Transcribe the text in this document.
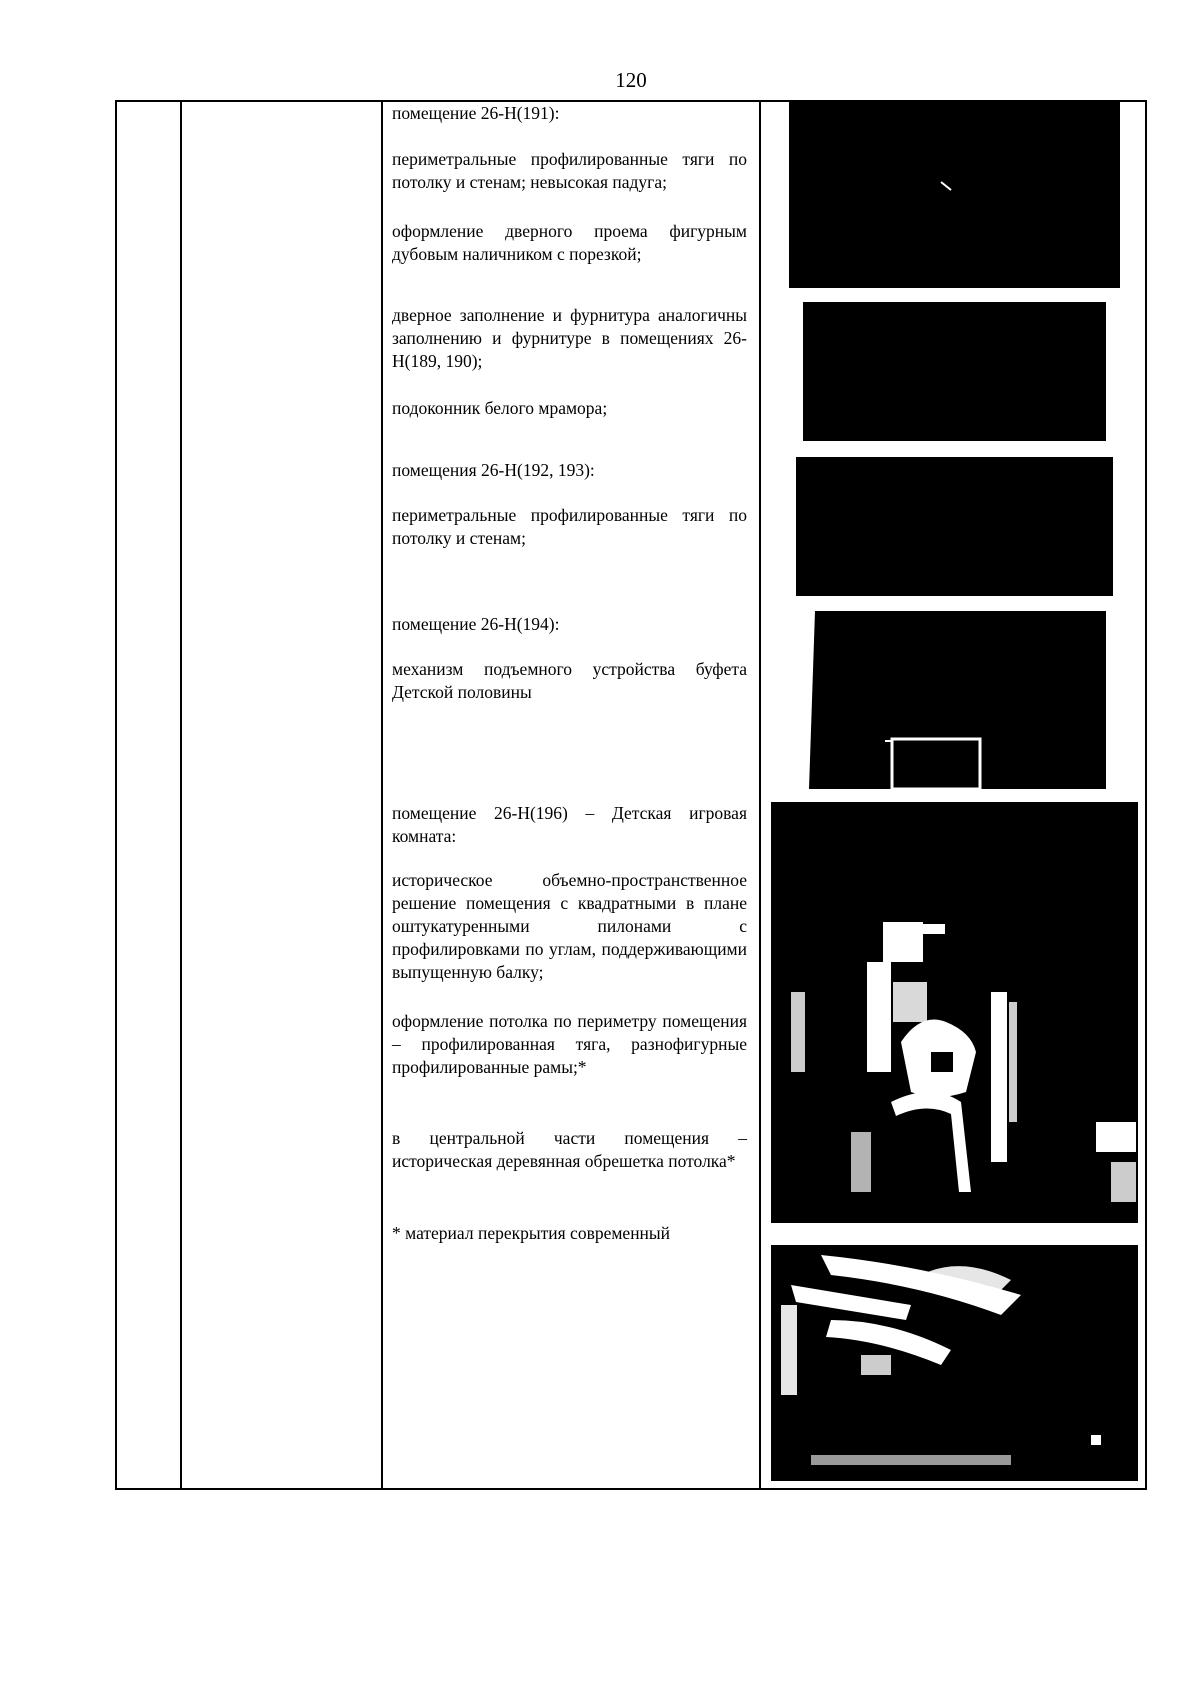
120

помещение 26-Н(191):

периметральные профилированные тяги по потолку и стенам; невысокая падуга;

оформление дверного проема фигурным дубовым наличником с порезкой;

дверное заполнение и фурнитура аналогичны заполнению и фурнитуре в помещениях 26-Н(189, 190);

подоконник белого мрамора;

помещения 26-Н(192, 193):

периметральные профилированные тяги по потолку и стенам;

помещение 26-Н(194):

механизм подъемного устройства буфета Детской половины

помещение 26-Н(196) – Детская игровая комната:

историческое объемно-пространственное решение помещения с квадратными в плане оштукатуренными пилонами с профилировками по углам, поддерживающими выпущенную балку;

оформление потолка по периметру помещения – профилированная тяга, разнофигурные профилированные рамы;*

в центральной части помещения – историческая деревянная обрешетка потолка*

* материал перекрытия современный
